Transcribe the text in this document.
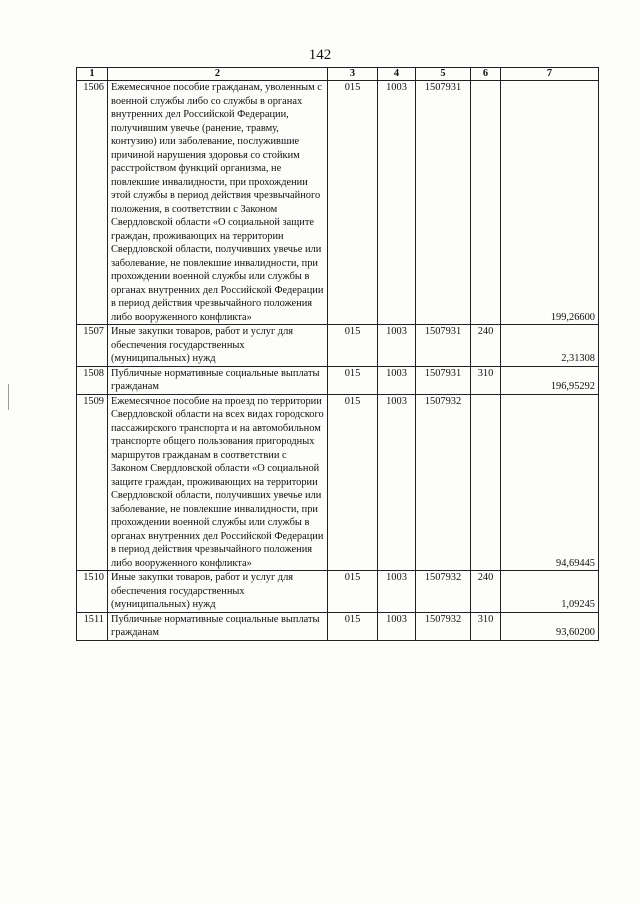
142
1	2	3	4	5	6	7
1506	Ежемесячное пособие гражданам, уволенным с военной службы либо со службы в органах внутренних дел Российской Федерации, получившим увечье (ранение, травму, контузию) или заболевание, послужившие причиной нарушения здоровья со стойким расстройством функций организма, не повлекшие инвалидности, при прохождении этой службы в период действия чрезвычайного положения, в соответствии с Законом Свердловской области «О социальной защите граждан, проживающих на территории Свердловской области, получивших увечье или заболевание, не повлекшие инвалидности, при прохождении военной службы или службы в органах внутренних дел Российской Федерации в период действия чрезвычайного положения либо вооруженного конфликта»	015	1003	1507931		199,26600
1507	Иные закупки товаров, работ и услуг для обеспечения государственных (муниципальных) нужд	015	1003	1507931	240	2,31308
1508	Публичные нормативные социальные выплаты гражданам	015	1003	1507931	310	196,95292
1509	Ежемесячное пособие на проезд по территории Свердловской области на всех видах городского пассажирского транспорта и на автомобильном транспорте общего пользования пригородных маршрутов гражданам в соответствии с Законом Свердловской области «О социальной защите граждан, проживающих на территории Свердловской области, получивших увечье или заболевание, не повлекшие инвалидности, при прохождении военной службы или службы в органах внутренних дел Российской Федерации в период действия чрезвычайного положения либо вооруженного конфликта»	015	1003	1507932		94,69445
1510	Иные закупки товаров, работ и услуг для обеспечения государственных (муниципальных) нужд	015	1003	1507932	240	1,09245
1511	Публичные нормативные социальные выплаты гражданам	015	1003	1507932	310	93,60200
